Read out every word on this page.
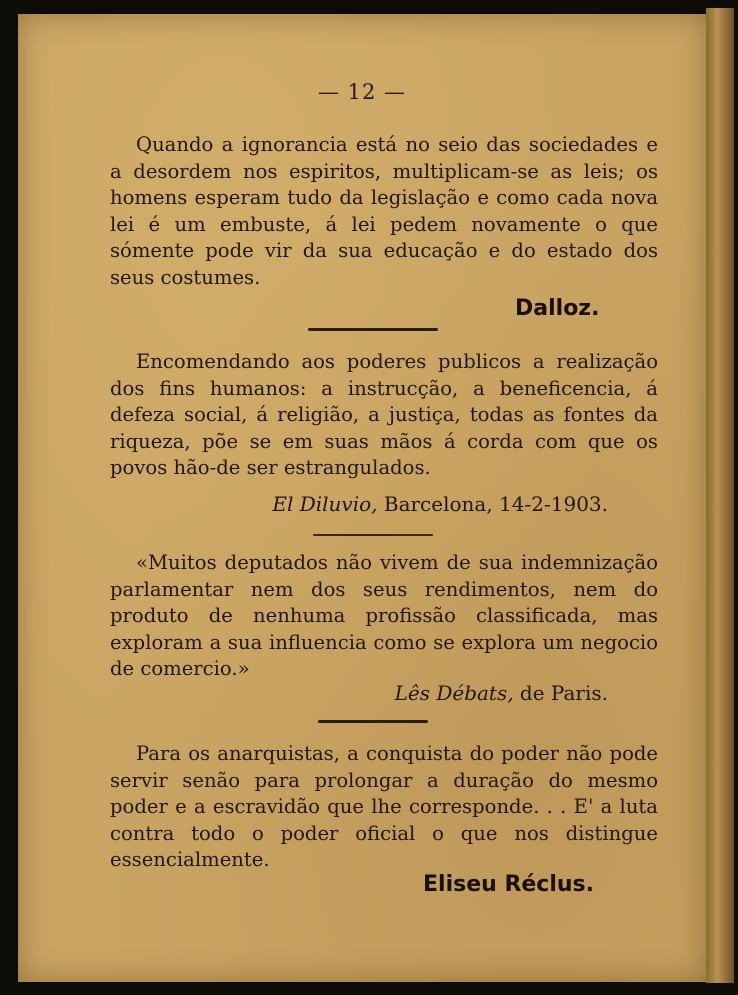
— 12 —

Quando a ignorancia está no seio das sociedades e a desordem nos espiritos, multiplicam-se as leis; os homens esperam tudo da legislação e como cada nova lei é um embuste, á lei pedem novamente o que sómente pode vir da sua educação e do estado dos seus costumes.

Dalloz.

Encomendando aos poderes publicos a realização dos fins humanos: a instrucção, a beneficencia, á defeza social, á religião, a justiça, todas as fontes da riqueza, põe se em suas mãos á corda com que os povos hão-de ser estrangulados.

El Diluvio, Barcelona, 14-2-1903.

«Muitos deputados não vivem de sua indemnização parlamentar nem dos seus rendimentos, nem do produto de nenhuma profissão classificada, mas exploram a sua influencia como se explora um negocio de comercio.»

Lês Débats, de Paris.

Para os anarquistas, a conquista do poder não pode servir senão para prolongar a duração do mesmo poder e a escravidão que lhe corresponde. . . E' a luta contra todo o poder oficial o que nos distingue essencialmente.

Eliseu Réclus.
